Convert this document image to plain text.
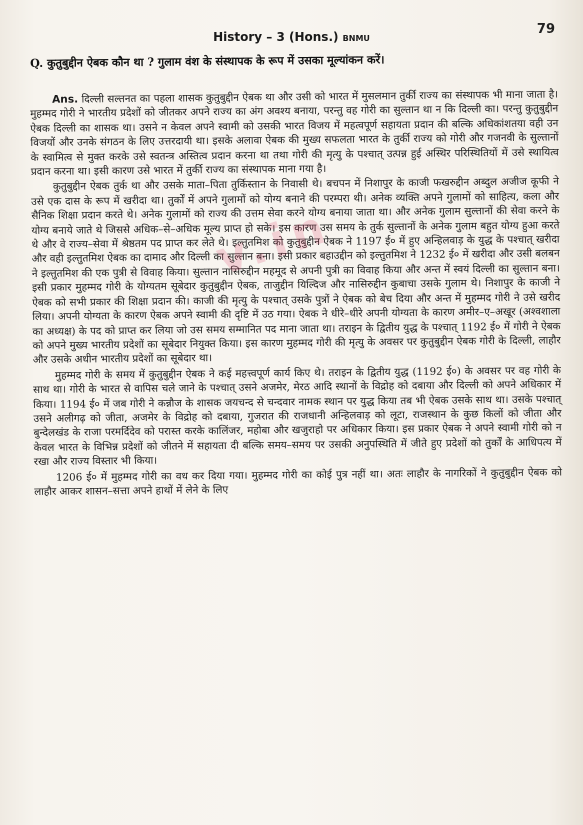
History – 3 (Hons.) BNMU
79
Q. कुतुबुद्दीन ऐबक कौन था ? गुलाम वंश के संस्थापक के रूप में उसका मूल्यांकन करें।

Ans. दिल्ली सल्तनत का पहला शासक कुतुबुद्दीन ऐबक था और उसी को भारत में मुसलमान तुर्की राज्य का संस्थापक भी माना जाता है। मुहम्मद गोरी ने भारतीय प्रदेशों को जीतकर अपने राज्य का अंग अवश्य बनाया, परन्तु वह गोरी का सुल्तान था न कि दिल्ली का। परन्तु कुतुबुद्दीन ऐबक दिल्ली का शासक था। उसने न केवल अपने स्वामी को उसकी भारत विजय में महत्वपूर्ण सहायता प्रदान की बल्कि अधिकांशतया वही उन विजयों और उनके संगठन के लिए उत्तरदायी था। इसके अलावा ऐबक की मुख्य सफलता भारत के तुर्की राज्य को गोरी और गजनवी के सुल्तानों के स्वामित्व से मुक्त करके उसे स्वतन्त्र अस्तित्व प्रदान करना था तथा गोरी की मृत्यु के पश्चात् उत्पन्न हुई अस्थिर परिस्थितियों में उसे स्थायित्व प्रदान करना था। इसी कारण उसे भारत में तुर्की राज्य का संस्थापक माना गया है।

कुतुबुद्दीन ऐबक तुर्क था और उसके माता–पिता तुर्किस्तान के निवासी थे। बचपन में निशापुर के काजी फखरुद्दीन अब्दुल अजीज कूफी ने उसे एक दास के रूप में खरीदा था। तुर्कों में अपने गुलामों को योग्य बनाने की परम्परा थी। अनेक व्यक्ति अपने गुलामों को साहित्य, कला और सैनिक शिक्षा प्रदान करते थे। अनेक गुलामों को राज्य की उत्तम सेवा करने योग्य बनाया जाता था। और अनेक गुलाम सुल्तानों की सेवा करने के योग्य बनाये जाते थे जिससे अधिक–से–अधिक मूल्य प्राप्त हो सके। इस कारण उस समय के तुर्क सुल्तानों के अनेक गुलाम बहुत योग्य हुआ करते थे और वे राज्य–सेवा में श्रेष्ठतम पद प्राप्त कर लेते थे। इल्तुतमिश को कुतुबुद्दीन ऐबक ने 1197 ई० में हुए अन्हिलवाड़ के युद्ध के पश्चात् खरीदा और वही इल्तुतमिश ऐबक का दामाद और दिल्ली का सुल्तान बना। इसी प्रकार बहाउद्दीन को इल्तुतमिश ने 1232 ई० में खरीदा और उसी बलबन ने इल्तुतमिश की एक पुत्री से विवाह किया। सुल्तान नासिरुद्दीन महमूद से अपनी पुत्री का विवाह किया और अन्त में स्वयं दिल्ली का सुल्तान बना। इसी प्रकार मुहम्मद गोरी के योग्यतम सूबेदार कुतुबुद्दीन ऐबक, ताजुद्दीन यिल्दिज और नासिरुद्दीन कुबाचा उसके गुलाम थे। निशापुर के काजी ने ऐबक को सभी प्रकार की शिक्षा प्रदान की। काजी की मृत्यु के पश्चात् उसके पुत्रों ने ऐबक को बेच दिया और अन्त में मुहम्मद गोरी ने उसे खरीद लिया। अपनी योग्यता के कारण ऐबक अपने स्वामी की दृष्टि में उठ गया। ऐबक ने धीरे–धीरे अपनी योग्यता के कारण अमीर–ए–अखूर (अश्वशाला का अध्यक्ष) के पद को प्राप्त कर लिया जो उस समय सम्मानित पद माना जाता था। तराइन के द्वितीय युद्ध के पश्चात् 1192 ई० में गोरी ने ऐबक को अपने मुख्य भारतीय प्रदेशों का सूबेदार नियुक्त किया। इस कारण मुहम्मद गोरी की मृत्यु के अवसर पर कुतुबुद्दीन ऐबक गोरी के दिल्ली, लाहौर और उसके अधीन भारतीय प्रदेशों का सूबेदार था।

मुहम्मद गोरी के समय में कुतुबुद्दीन ऐबक ने कई महत्त्वपूर्ण कार्य किए थे। तराइन के द्वितीय युद्ध (1192 ई०) के अवसर पर वह गोरी के साथ था। गोरी के भारत से वापिस चले जाने के पश्चात् उसने अजमेर, मेरठ आदि स्थानों के विद्रोह को दबाया और दिल्ली को अपने अधिकार में किया। 1194 ई० में जब गोरी ने कन्नौज के शासक जयचन्द से चन्दवार नामक स्थान पर युद्ध किया तब भी ऐबक उसके साथ था। उसके पश्चात् उसने अलीगढ़ को जीता, अजमेर के विद्रोह को दबाया, गुजरात की राजधानी अन्हिलवाड़ को लूटा, राजस्थान के कुछ किलों को जीता और बुन्देलखंड के राजा परमर्दिदेव को परास्त करके कालिंजर, महोबा और खजुराहो पर अधिकार किया। इस प्रकार ऐबक ने अपने स्वामी गोरी को न केवल भारत के विभिन्न प्रदेशों को जीतने में सहायता दी बल्कि समय–समय पर उसकी अनुपस्थिति में जीते हुए प्रदेशों को तुर्कों के आधिपत्य में रखा और राज्य विस्तार भी किया।

1206 ई० में मुहम्मद गोरी का वध कर दिया गया। मुहम्मद गोरी का कोई पुत्र नहीं था। अतः लाहौर के नागरिकों ने कुतुबुद्दीन ऐबक को लाहौर आकर शासन–सत्ता अपने हाथों में लेने के लिए

v.in
